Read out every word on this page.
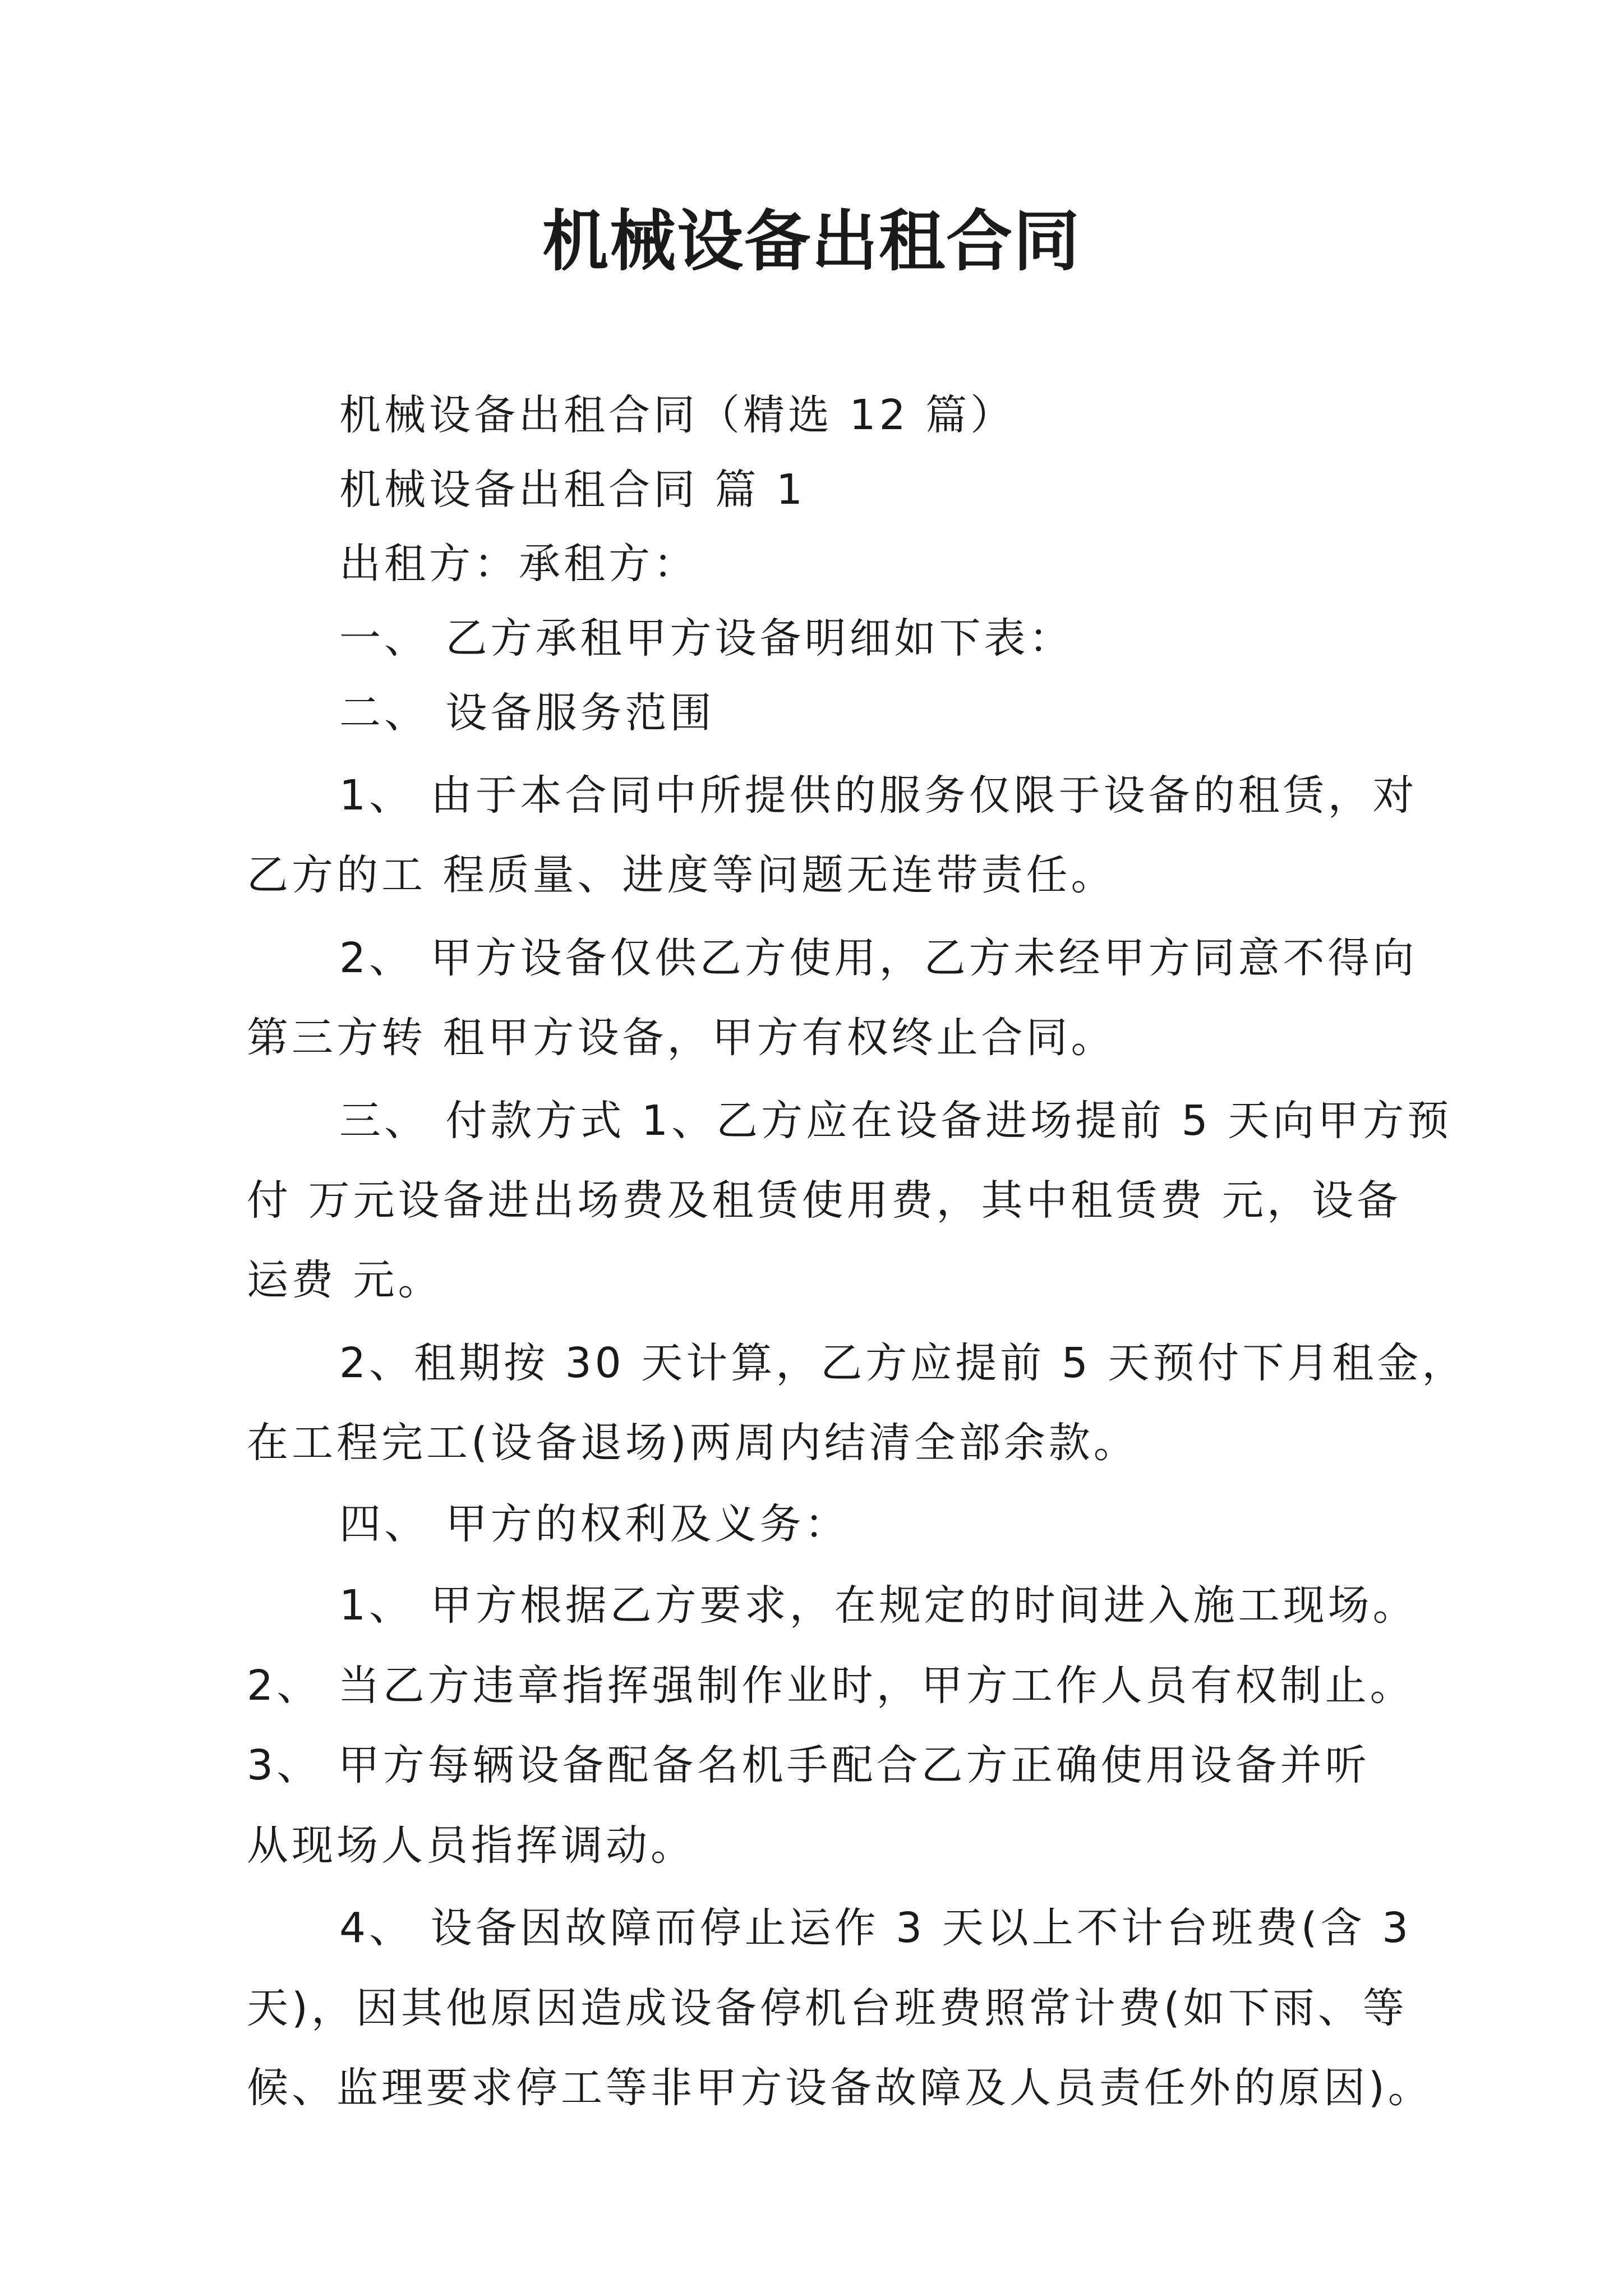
机械设备出租合同
机械设备出租合同（精选 12 篇）
机械设备出租合同 篇 1
出租方：承租方：
一、 乙方承租甲方设备明细如下表：
二、 设备服务范围
1、 由于本合同中所提供的服务仅限于设备的租赁，对
乙方的工 程质量、进度等问题无连带责任。
2、 甲方设备仅供乙方使用，乙方未经甲方同意不得向
第三方转 租甲方设备，甲方有权终止合同。
三、 付款方式 1、乙方应在设备进场提前 5 天向甲方预
付 万元设备进出场费及租赁使用费，其中租赁费 元，设备
运费 元。
2、租期按 30 天计算，乙方应提前 5 天预付下月租金，
在工程完工(设备退场)两周内结清全部余款。
四、 甲方的权利及义务：
1、 甲方根据乙方要求，在规定的时间进入施工现场。
2、 当乙方违章指挥强制作业时，甲方工作人员有权制止。
3、 甲方每辆设备配备名机手配合乙方正确使用设备并听
从现场人员指挥调动。
4、 设备因故障而停止运作 3 天以上不计台班费(含 3
天)，因其他原因造成设备停机台班费照常计费(如下雨、等
候、监理要求停工等非甲方设备故障及人员责任外的原因)。
